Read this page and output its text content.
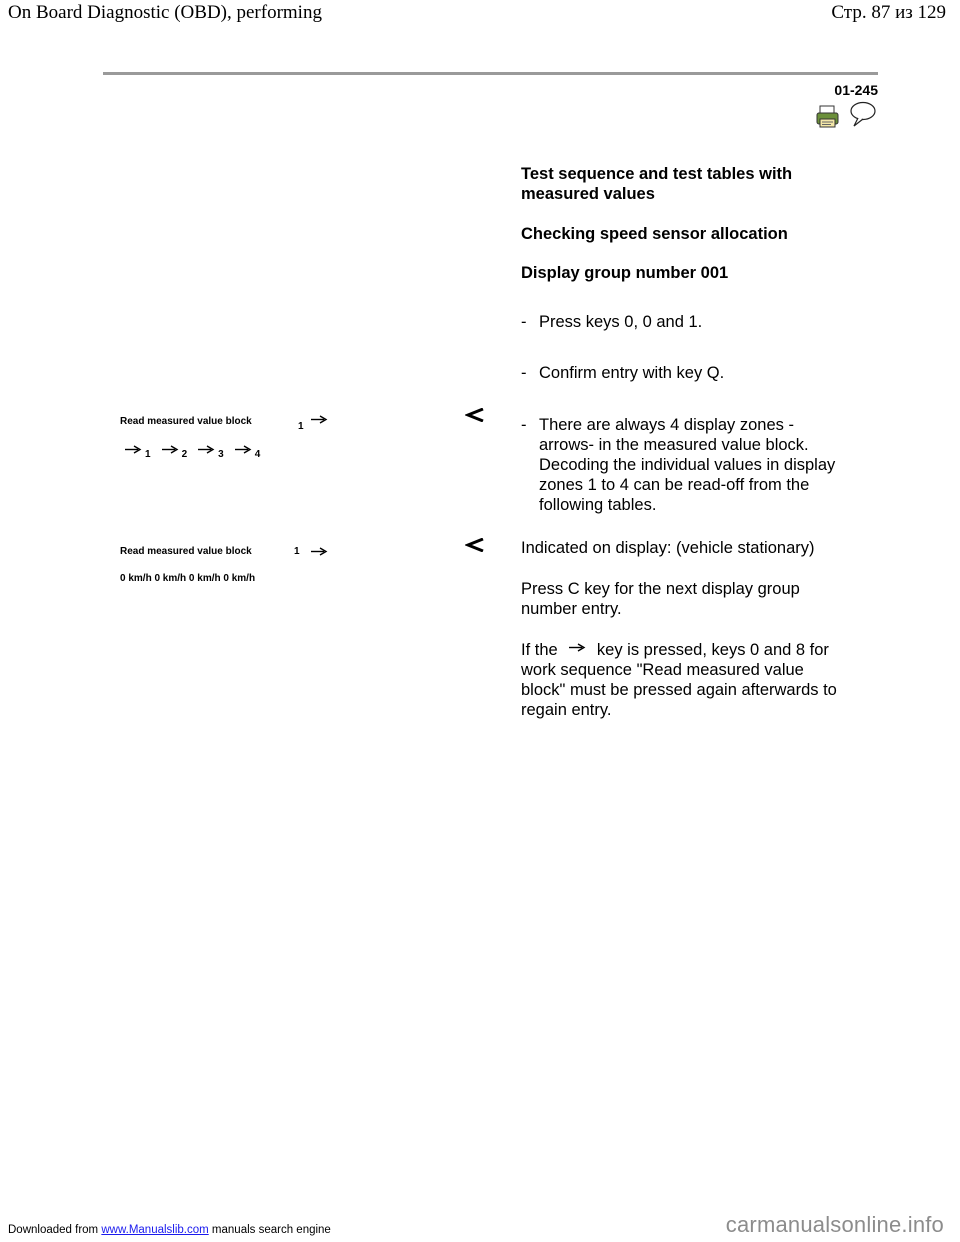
On Board Diagnostic (OBD), performing	Стр. 87 из 129
01-245
Test sequence and test tables with
measured values
Checking speed sensor allocation
Display group number 001
- Press keys 0, 0 and 1.
- Confirm entry with key Q.
- There are always 4 display zones -
arrows- in the measured value block.
Decoding the individual values in display
zones 1 to 4 can be read-off from the
following tables.
Indicated on display: (vehicle stationary)
Press C key for the next display group
number entry.
If the key is pressed, keys 0 and 8 for
work sequence "Read measured value
block" must be pressed again afterwards to
regain entry.
Read measured value block	1
1	2	3	4
Read measured value block	1
0 km/h 0 km/h 0 km/h 0 km/h
Downloaded from www.Manualslib.com manuals search engine	carmanualsonline.info
